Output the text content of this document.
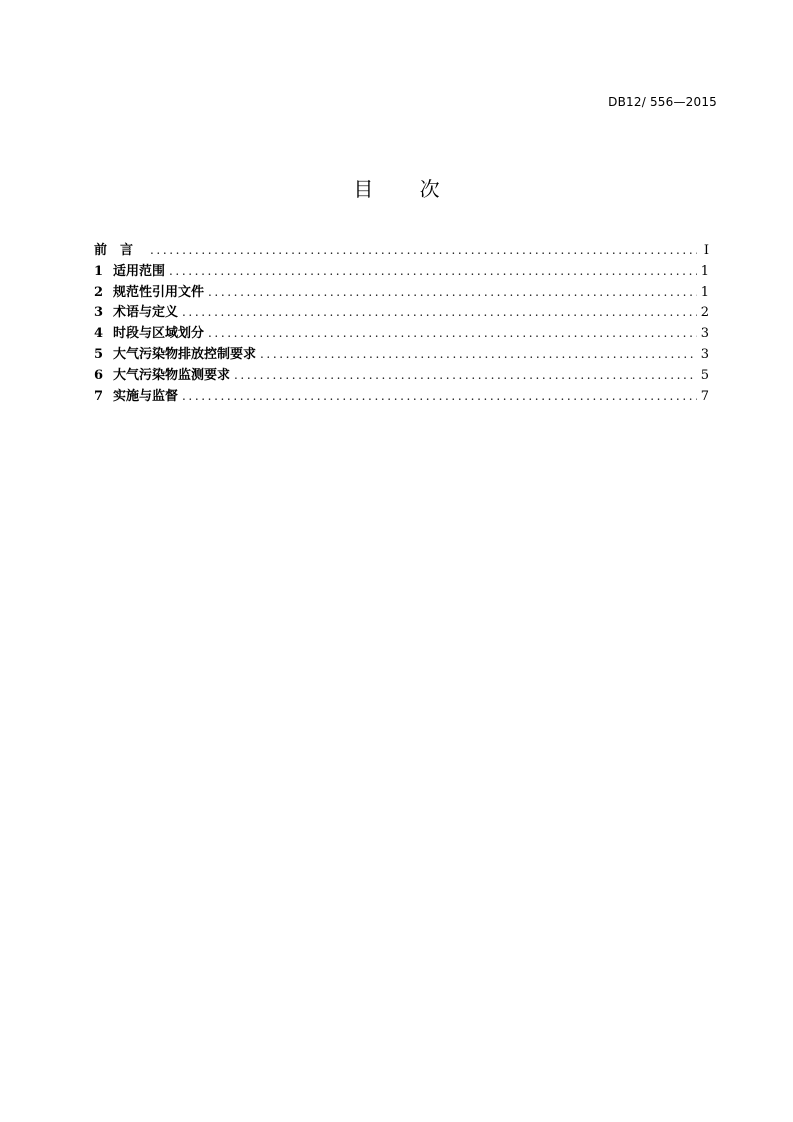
DB12/ 556—2015
目 次
前言 .....	I
1 适用范围 .....	1
2 规范性引用文件 .....	1
3 术语与定义 .....	2
4 时段与区域划分 .....	3
5 大气污染物排放控制要求 .....	3
6 大气污染物监测要求 .....	5
7 实施与监督 .....	7
